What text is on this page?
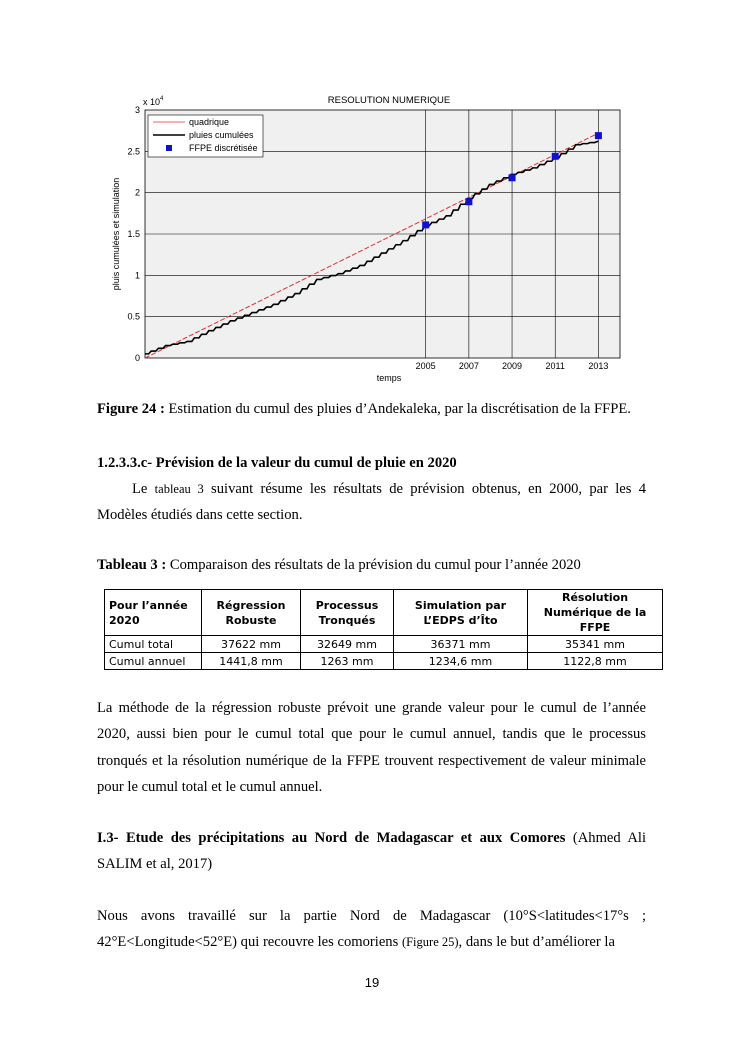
RESOLUTION NUMERIQUE
x $10^4$
0
0.5
1
1.5
2
2.5
3
2005	2007	2009	2011	2013
temps
pluis cumulées et simulation
quadrique
pluies cumulées
FFPE discrétisée
Figure 24 : Estimation du cumul des pluies d’Andekaleka, par la discrétisation de la FFPE.
1.2.3.3.c- Prévision de la valeur du cumul de pluie en 2020

Le tableau 3 suivant résume les résultats de prévision obtenus, en 2000, par les 4 Modèles étudiés dans cette section.

Tableau 3 : Comparaison des résultats de la prévision du cumul pour l’année 2020
Pour l’année 2020	Régression Robuste	Processus Tronqués	Simulation par L’EDPS d’Îto	Résolution Numérique de la FFPE
Cumul total	37622 mm	32649 mm	36371 mm	35341 mm
Cumul annuel	1441,8 mm	1263 mm	1234,6 mm	1122,8 mm

La méthode de la régression robuste prévoit une grande valeur pour le cumul de l’année 2020, aussi bien pour le cumul total que pour le cumul annuel, tandis que le processus tronqués et la résolution numérique de la FFPE trouvent respectivement de valeur minimale pour le cumul total et le cumul annuel.

I.3- Etude des précipitations au Nord de Madagascar et aux Comores (Ahmed Ali SALIM et al, 2017)

Nous avons travaillé sur la partie Nord de Madagascar (10°S<latitudes<17°s ; 42°E<Longitude<52°E) qui recouvre les comoriens (Figure 25), dans le but d’améliorer la

19
